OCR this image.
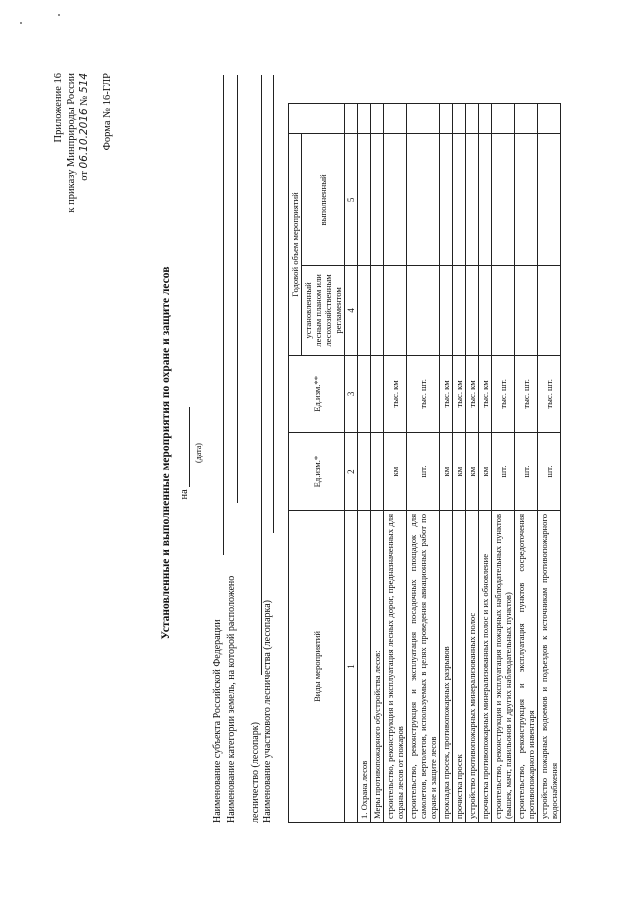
Приложение 16 к приказу Минприроды России от 06.10.2016 № 514 Форма № 16-ГЛР
Установленные и выполненные мероприятия по охране и защите лесов на
(дата)
Наименование субъекта Российской Федерации Наименование категории земель, на которой расположено лесничество (лесопарк) Наименование участкового лесничества (лесопарка)	Виды мероприятий	Ед.изм.*	Ед.изм.**	Годовой объем мероприятий		
			установленный лесным планом или лесохозяйственным регламентом	выполненный	
1	2	3	4	5	
1. Охрана лесов					
Меры противопожарного обустройства лесов:					
строительство, реконструкция и эксплуатация лесных дорог, предназначенных для охраны лесов от пожаров	км	тыс. км			
строительство, реконструкция и эксплуатация посадочных площадок для самолетов, вертолетов, используемых в целях проведения авиационных работ по охране и защите лесов	шт.	тыс. шт.			
прокладка просек, противопожарных разрывов	км	тыс. км			
прочистка просек	км	тыс. км			
устройство противопожарных минерализованных полос	км	тыс. км			
прочистка противопожарных минерализованных полос и их обновление	км	тыс. км			
строительство, реконструкция и эксплуатация пожарных наблюдательных пунктов (вышек, мачт, павильонов и других наблюдательных пунктов)	шт.	тыс. шт.			
строительство, реконструкция и эксплуатация пунктов сосредоточения противопожарного инвентаря	шт.	тыс. шт.			
устройство пожарных водоемов и подъездов к источникам противопожарного водоснабжения	шт.	тыс. шт.			
